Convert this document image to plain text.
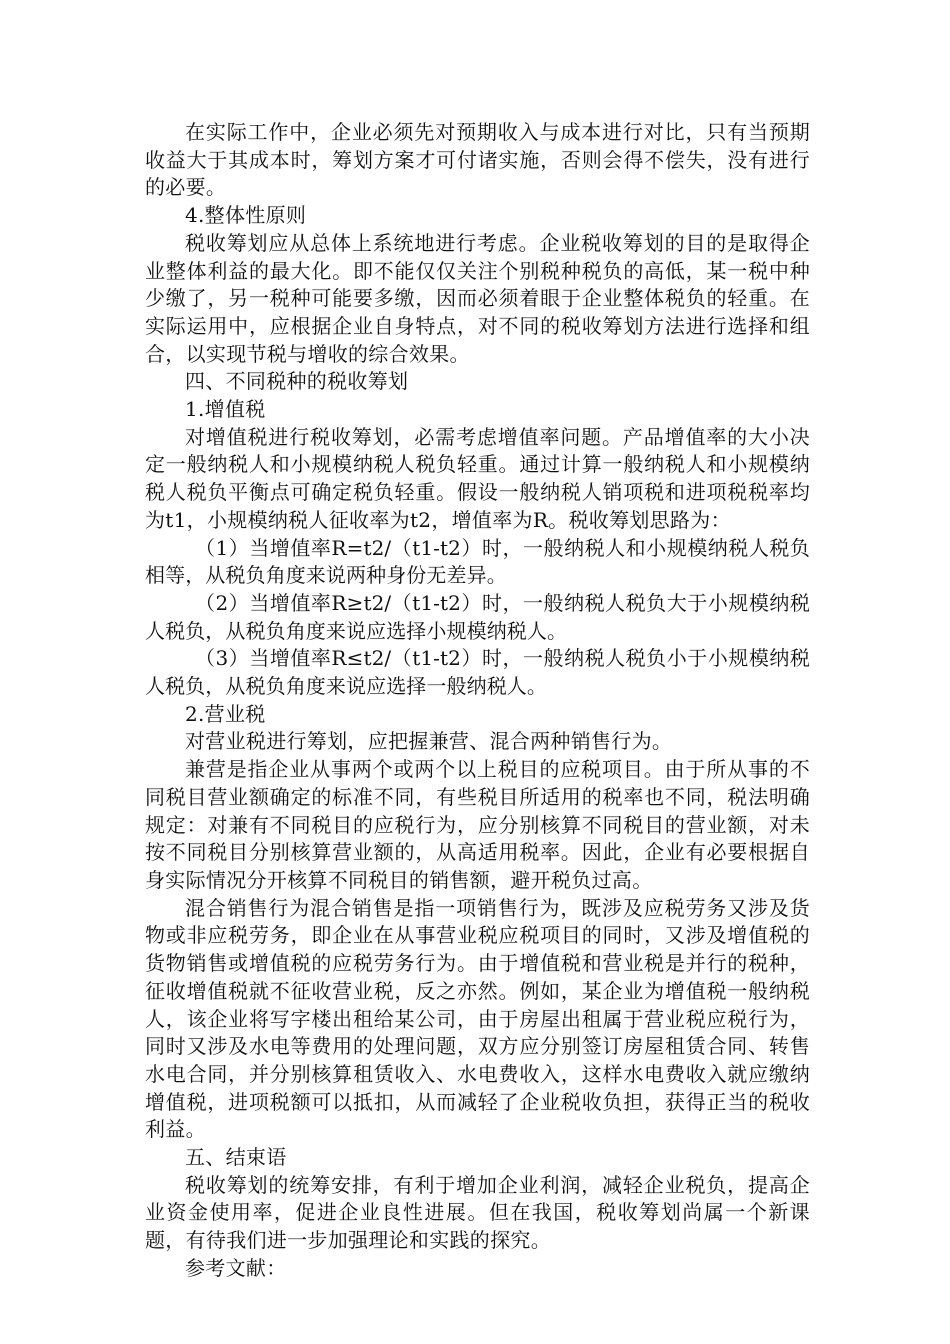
在实际工作中，企业必须先对预期收入与成本进行对比，只有当预期收益大于其成本时，筹划方案才可付诸实施，否则会得不偿失，没有进行的必要。

4.整体性原则

税收筹划应从总体上系统地进行考虑。企业税收筹划的目的是取得企业整体利益的最大化。即不能仅仅关注个别税种税负的高低，某一税中种少缴了，另一税种可能要多缴，因而必须着眼于企业整体税负的轻重。在实际运用中，应根据企业自身特点，对不同的税收筹划方法进行选择和组合，以实现节税与增收的综合效果。

四、不同税种的税收筹划

1.增值税

对增值税进行税收筹划，必需考虑增值率问题。产品增值率的大小决定一般纳税人和小规模纳税人税负轻重。通过计算一般纳税人和小规模纳税人税负平衡点可确定税负轻重。假设一般纳税人销项税和进项税税率均为t1，小规模纳税人征收率为t2，增值率为R。税收筹划思路为：

（1）当增值率R=t2/（t1-t2）时，一般纳税人和小规模纳税人税负相等，从税负角度来说两种身份无差异。

（2）当增值率R≥t2/（t1-t2）时，一般纳税人税负大于小规模纳税人税负，从税负角度来说应选择小规模纳税人。

（3）当增值率R≤t2/（t1-t2）时，一般纳税人税负小于小规模纳税人税负，从税负角度来说应选择一般纳税人。

2.营业税

对营业税进行筹划，应把握兼营、混合两种销售行为。

兼营是指企业从事两个或两个以上税目的应税项目。由于所从事的不同税目营业额确定的标准不同，有些税目所适用的税率也不同，税法明确规定：对兼有不同税目的应税行为，应分别核算不同税目的营业额，对未按不同税目分别核算营业额的，从高适用税率。因此，企业有必要根据自身实际情况分开核算不同税目的销售额，避开税负过高。

混合销售行为混合销售是指一项销售行为，既涉及应税劳务又涉及货物或非应税劳务，即企业在从事营业税应税项目的同时，又涉及增值税的货物销售或增值税的应税劳务行为。由于增值税和营业税是并行的税种，征收增值税就不征收营业税，反之亦然。例如，某企业为增值税一般纳税人，该企业将写字楼出租给某公司，由于房屋出租属于营业税应税行为，同时又涉及水电等费用的处理问题，双方应分别签订房屋租赁合同、转售水电合同，并分别核算租赁收入、水电费收入，这样水电费收入就应缴纳增值税，进项税额可以抵扣，从而减轻了企业税收负担，获得正当的税收利益。

五、结束语

税收筹划的统筹安排，有利于增加企业利润，减轻企业税负，提高企业资金使用率，促进企业良性进展。但在我国，税收筹划尚属一个新课题，有待我们进一步加强理论和实践的探究。

参考文献：
